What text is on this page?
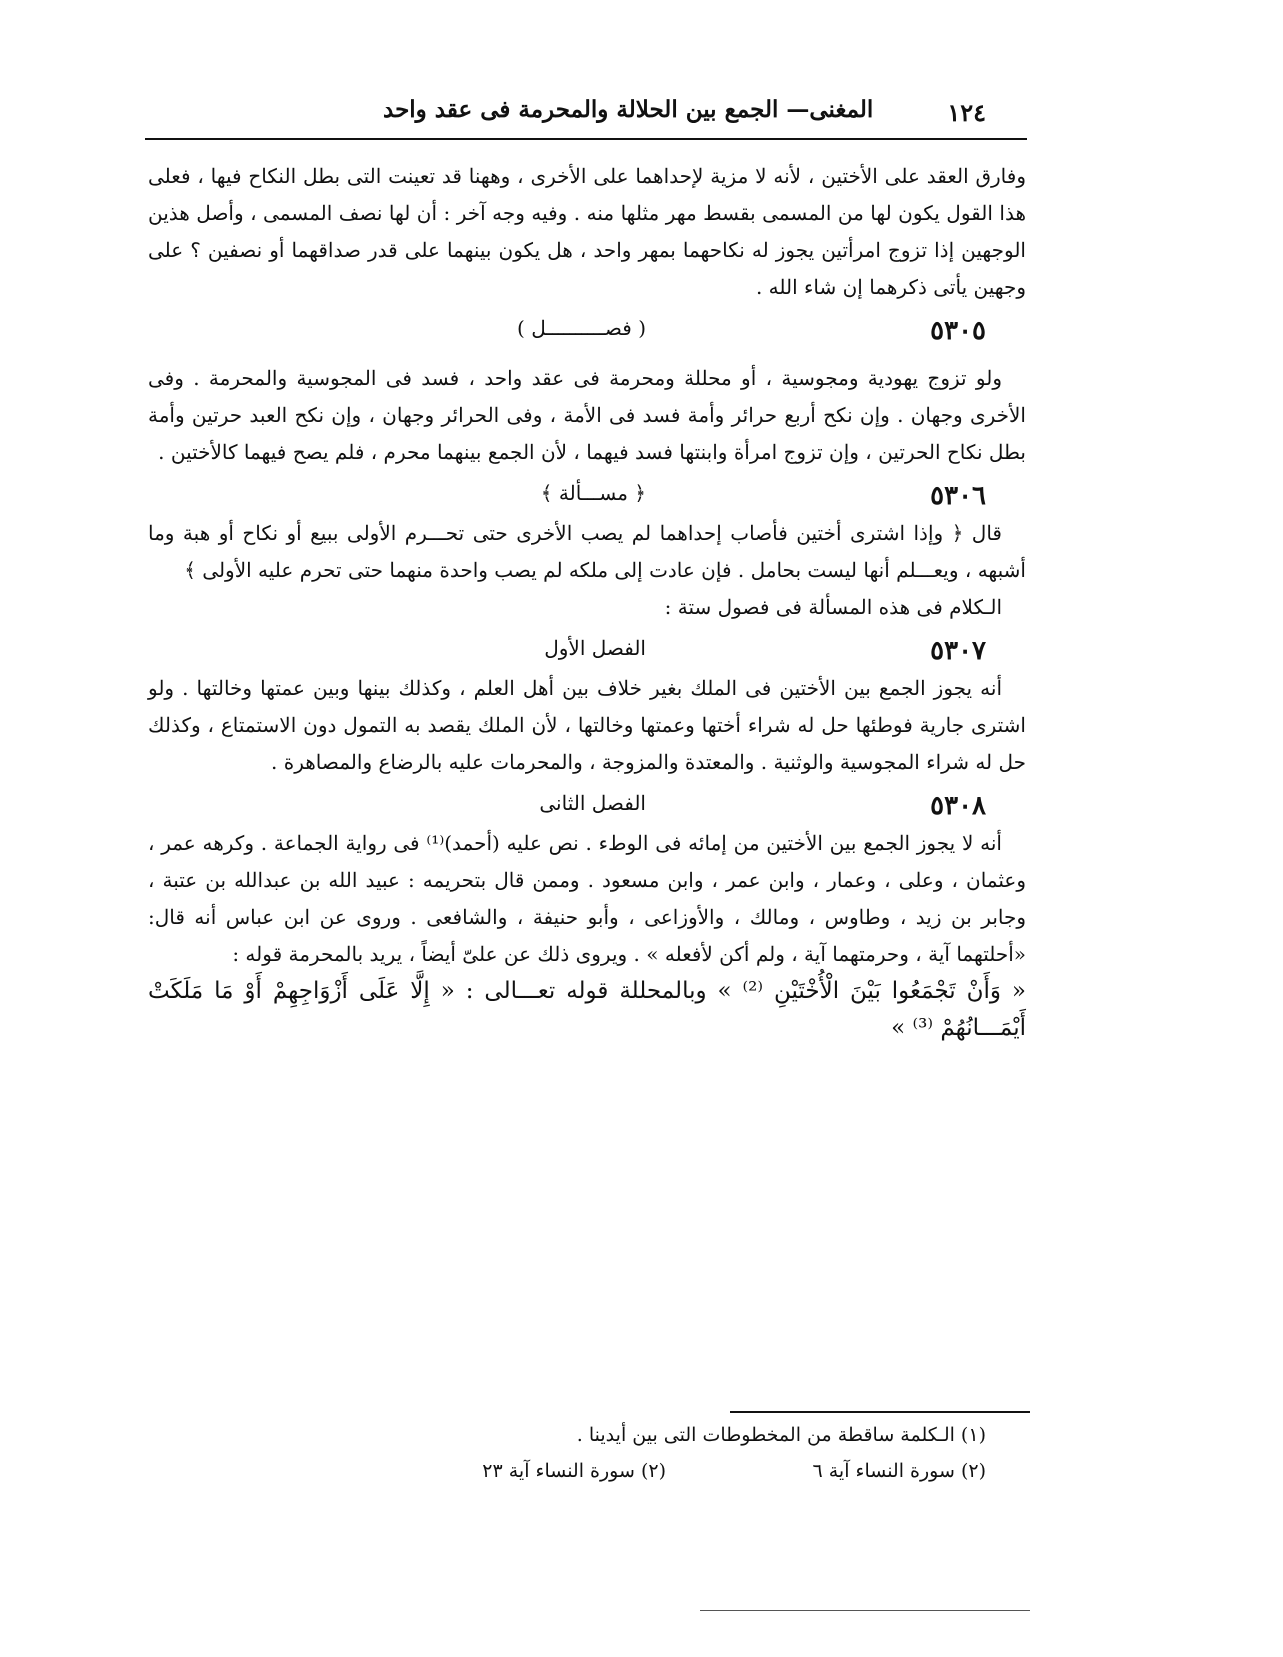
١٢٤
المغنى— الجمع بين الحلالة والمحرمة فى عقد واحد

وفارق العقد على الأختين ، لأنه لا مزية لإحداهما على الأخرى ، وههنا قد تعينت التى بطل النكاح فيها ، فعلى هذا القول يكون لها من المسمى بقسط مهر مثلها منه . وفيه وجه آخر : أن لها نصف المسمى ، وأصل هذين الوجهين إذا تزوج امرأتين يجوز له نكاحهما بمهر واحد ، هل يكون بينهما على قدر صداقهما أو نصفين ؟ على وجهين يأتى ذكرهما إن شاء الله .

٥٣٠٥
( فصــــــــــل )

ولو تزوج يهودية ومجوسية ، أو محللة ومحرمة فى عقد واحد ، فسد فى المجوسية والمحرمة . وفى الأخرى وجهان . وإن نكح أربع حرائر وأمة فسد فى الأمة ، وفى الحرائر وجهان ، وإن نكح العبد حرتين وأمة بطل نكاح الحرتين ، وإن تزوج امرأة وابنتها فسد فيهما ، لأن الجمع بينهما محرم ، فلم يصح فيهما كالأختين .

٥٣٠٦
﴿ مســـألة ﴾

قال ﴿ وإذا اشترى أختين فأصاب إحداهما لم يصب الأخرى حتى تحـــرم الأولى ببيع أو نكاح أو هبة وما أشبهه ، ويعـــلم أنها ليست بحامل . فإن عادت إلى ملكه لم يصب واحدة منهما حتى تحرم عليه الأولى ﴾

الـكلام فى هذه المسألة فى فصول ستة :

٥٣٠٧
الفصل الأول

أنه يجوز الجمع بين الأختين فى الملك بغير خلاف بين أهل العلم ، وكذلك بينها وبين عمتها وخالتها . ولو اشترى جارية فوطئها حل له شراء أختها وعمتها وخالتها ، لأن الملك يقصد به التمول دون الاستمتاع ، وكذلك حل له شراء المجوسية والوثنية . والمعتدة والمزوجة ، والمحرمات عليه بالرضاع والمصاهرة .

٥٣٠٨
الفصل الثانى

أنه لا يجوز الجمع بين الأختين من إمائه فى الوطء . نص عليه (أحمد)⁽¹⁾ فى رواية الجماعة . وكرهه عمر ، وعثمان ، وعلى ، وعمار ، وابن عمر ، وابن مسعود . وممن قال بتحريمه : عبيد الله بن عبدالله بن عتبة ، وجابر بن زيد ، وطاوس ، ومالك ، والأوزاعى ، وأبو حنيفة ، والشافعى . وروى عن ابن عباس أنه قال: «أحلتهما آية ، وحرمتهما آية ، ولم أكن لأفعله » . ويروى ذلك عن علىّ أيضاً ، يريد بالمحرمة قوله :

« وَأَنْ تَجْمَعُوا بَيْنَ الْأُخْتَيْنِ ⁽²⁾ » وبالمحللة قوله تعـــالى : « إِلَّا عَلَى أَزْوَاجِهِمْ أَوْ مَا مَلَكَتْ أَيْمَـــانُهُمْ ⁽³⁾ »

(١) الـكلمة ساقطة من المخطوطات التى بين أيدينا .
(٢) سورة النساء آية ٦
(٢) سورة النساء آية ٢٣
